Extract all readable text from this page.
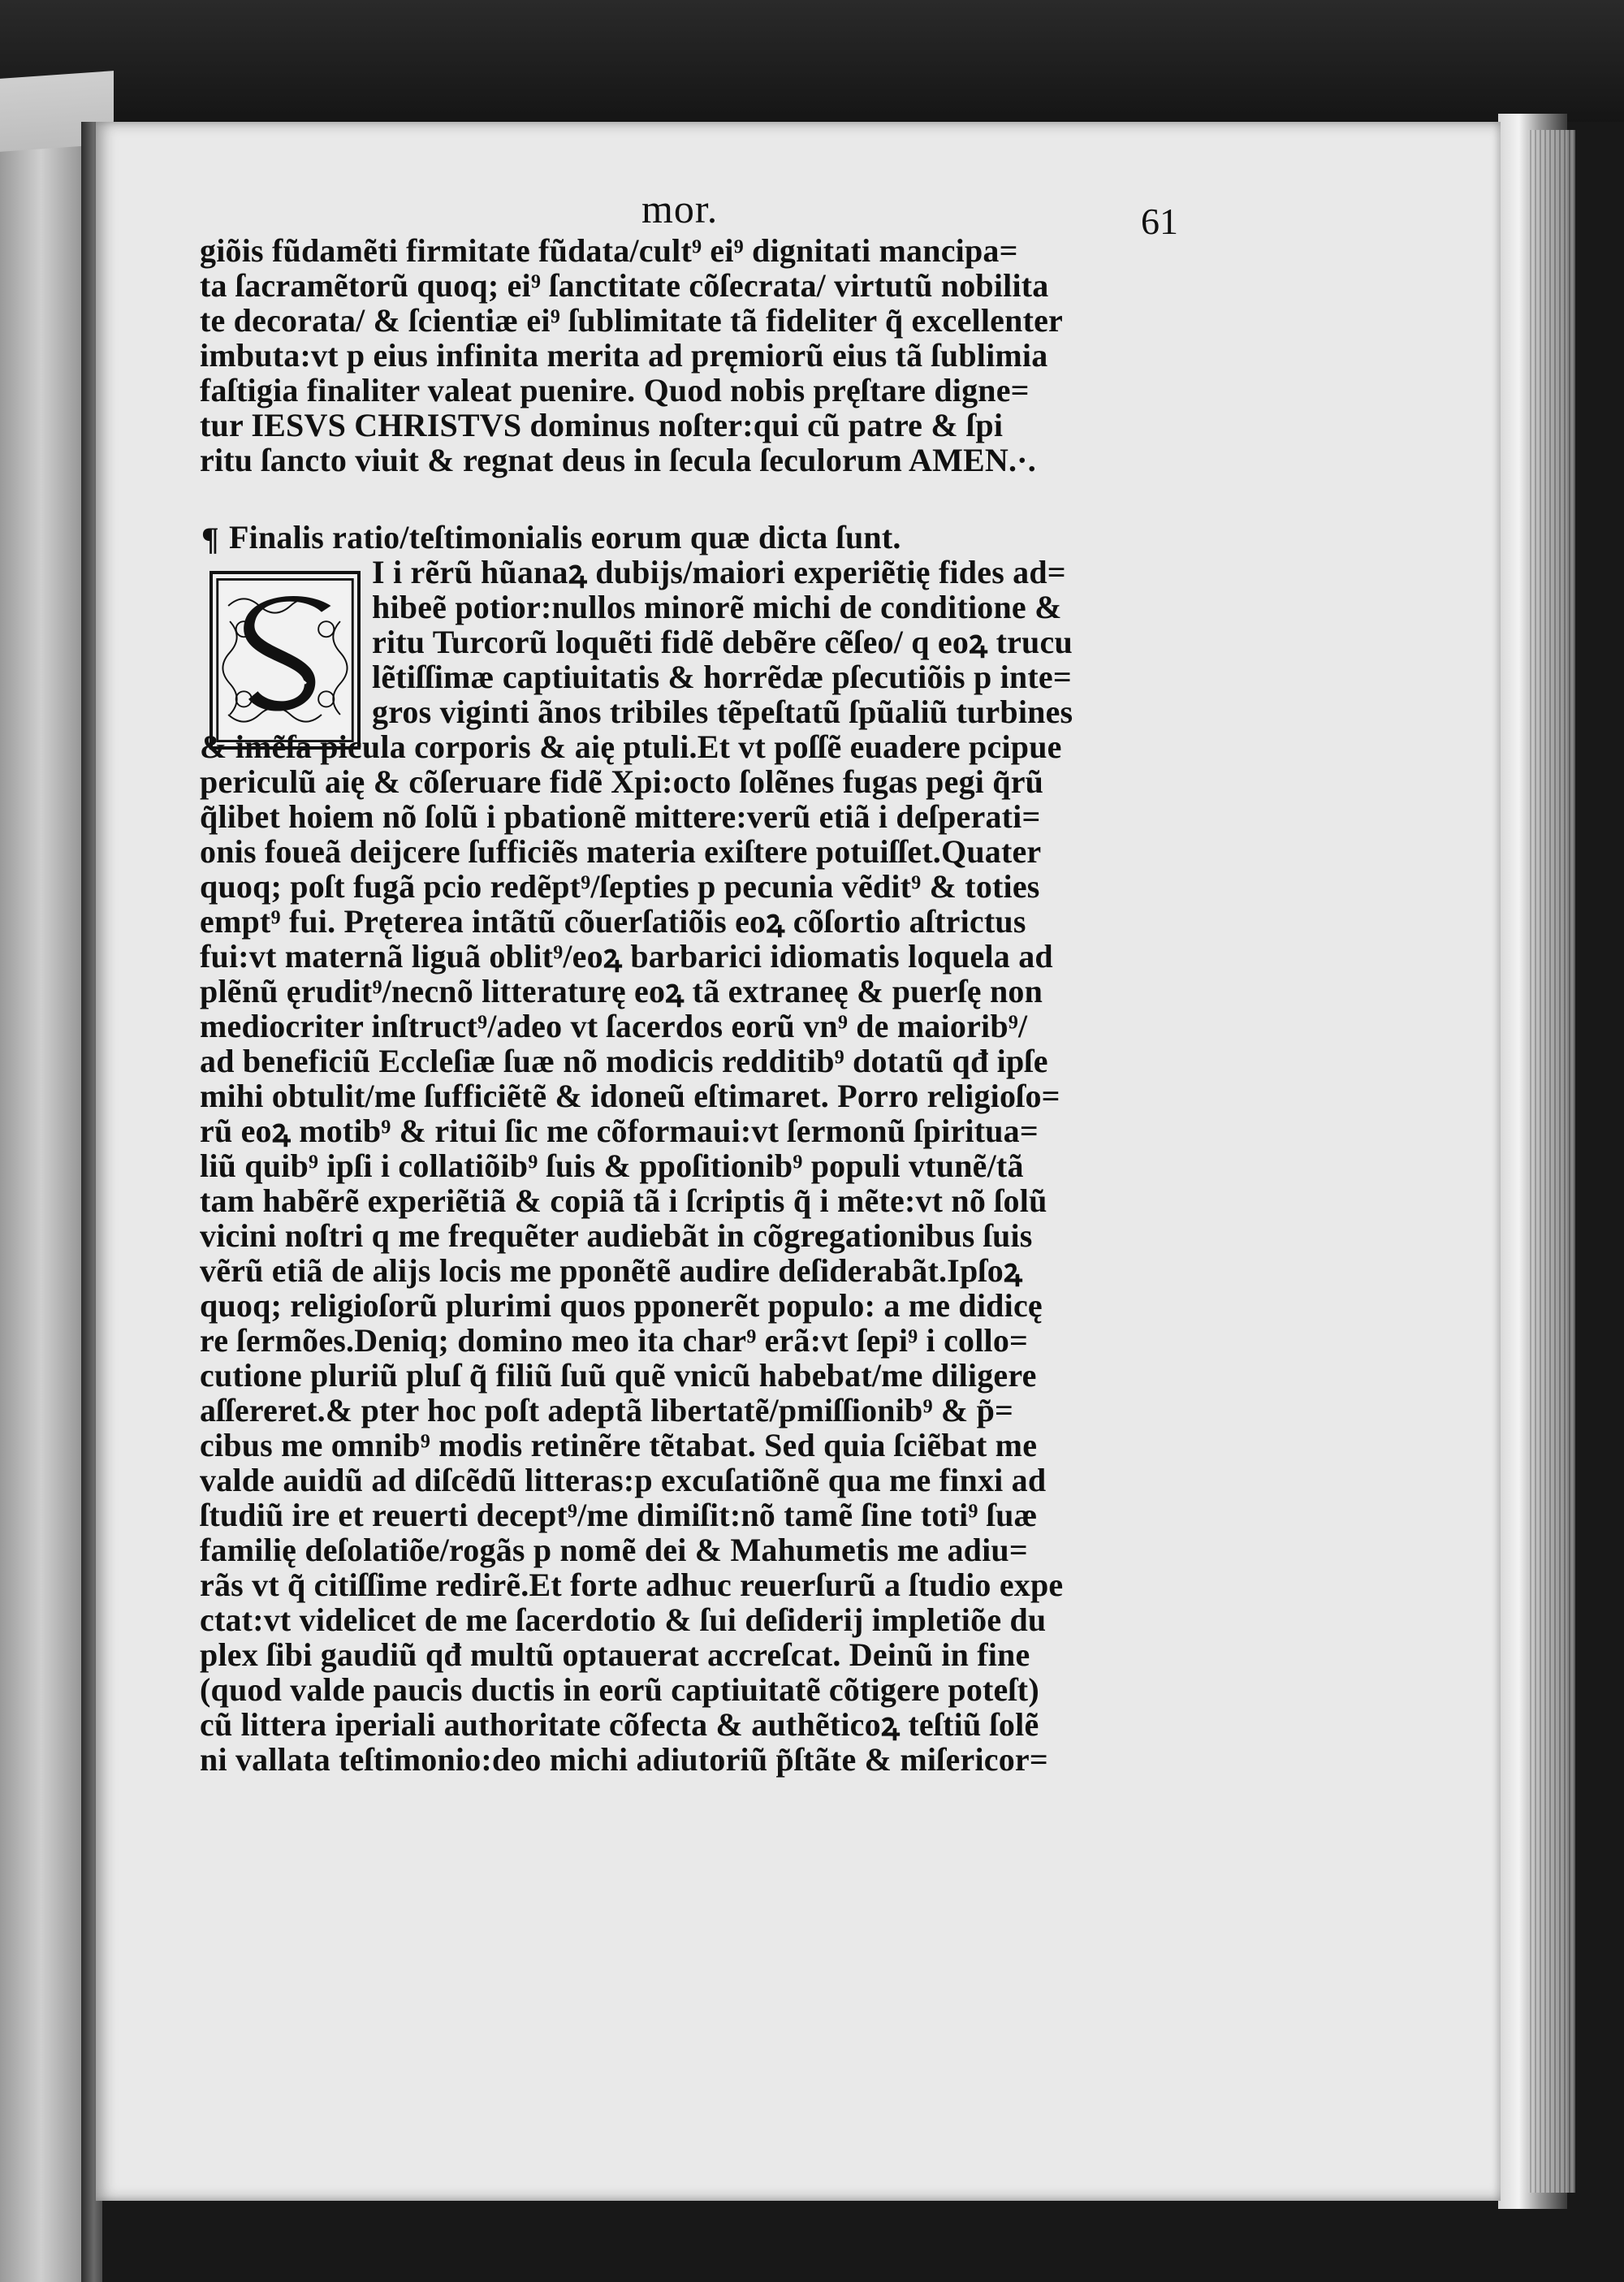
mor.	61
¶
giõis fũdamẽti firmitate fũdata/cult⁹ ei⁹ dignitati mancipa=
ta ſacramẽtorũ quoq; ei⁹ ſanctitate cõſecrata/ virtutũ nobilita
te decorata/ & ſcientiæ ei⁹ ſublimitate tã fideliter q̃ excellenter
imbuta:vt p eius infinita merita ad pręmiorũ eius tã ſublimia
faſtigia finaliter valeat puenire. Quod nobis pręſtare digne=
tur IESVS CHRISTVS dominus noſter:qui cũ patre & ſpi
ritu ſancto viuit & regnat deus in ſecula ſeculorum AMEN.·.
Finalis ratio/teſtimonialis eorum quæ dicta ſunt.
I i rẽrũ hũanaꝝ dubijs/maiori experiẽtię fides ad=
hibeẽ potior:nullos minorẽ michi de conditione &
ritu Turcorũ loquẽti fidẽ debẽre cẽſeo/ q eoꝝ trucu
lẽtiſſimæ captiuitatis & horrẽdæ pſecutiõis p inte=
gros viginti ãnos tribiles tẽpeſtatũ ſpũaliũ turbines
& imẽſa picula corporis & aię ptuli.Et vt poſſẽ euadere pcipue
periculũ aię & cõſeruare fidẽ Xpi:octo ſolẽnes fugas pegi q̃rũ
q̃libet hoiem nõ ſolũ i pbationẽ mittere:verũ etiã i deſperati=
onis foueã deijcere ſufficiẽs materia exiſtere potuiſſet.Quater
quoq; poſt fugã pcio redẽpt⁹/ſepties p pecunia vẽdit⁹ & toties
empt⁹ fui. Pręterea intãtũ cõuerſatiõis eoꝝ cõſortio aſtrictus
fui:vt maternã liguã oblit⁹/eoꝝ barbarici idiomatis loquela ad
plẽnũ ęrudit⁹/necnõ litteraturę eoꝝ tã extraneę & puerſę non
mediocriter inſtruct⁹/adeo vt ſacerdos eorũ vn⁹ de maiorib⁹/
ad beneficiũ Eccleſiæ ſuæ nõ modicis redditib⁹ dotatũ qđ ipſe
mihi obtulit/me ſufficiẽtẽ & idoneũ eſtimaret. Porro religioſo=
rũ eoꝝ motib⁹ & ritui ſic me cõformaui:vt ſermonũ ſpiritua=
liũ quib⁹ ipſi i collatiõib⁹ ſuis & ppoſitionib⁹ populi vtunẽ/tã
tam habẽrẽ experiẽtiã & copiã tã i ſcriptis q̃ i mẽte:vt nõ ſolũ
vicini noſtri q me frequẽter audiebãt in cõgregationibus ſuis
vẽrũ etiã de alijs locis me pponẽtẽ audire deſiderabãt.Ipſoꝝ
quoq; religioſorũ plurimi quos pponerẽt populo: a me didicę
re ſermões.Deniq; domino meo ita char⁹ erã:vt ſepi⁹ i collo=
cutione pluriũ pluſ q̃ filiũ ſuũ quẽ vnicũ habebat/me diligere
aſſereret.& pter hoc poſt adeptã libertatẽ/pmiſſionib⁹ & p̃=
cibus me omnib⁹ modis retinẽre tẽtabat. Sed quia ſciẽbat me
valde auidũ ad diſcẽdũ litteras:p excuſatiõnẽ qua me finxi ad
ſtudiũ ire et reuerti decept⁹/me dimiſit:nõ tamẽ ſine toti⁹ ſuæ
familię deſolatiõe/rogãs p nomẽ dei & Mahumetis me adiu=
rãs vt q̃ citiſſime redirẽ.Et forte adhuc reuerſurũ a ſtudio expe
ctat:vt videlicet de me ſacerdotio & ſui deſiderij impletiõe du
plex ſibi gaudiũ qđ multũ optauerat accreſcat. Deinũ in fine
(quod valde paucis ductis in eorũ captiuitatẽ cõtigere poteſt)
cũ littera iperiali authoritate cõfecta & authẽticoꝝ teſtiũ ſolẽ
ni vallata teſtimonio:deo michi adiutoriũ p̃ſtãte & miſericor=
